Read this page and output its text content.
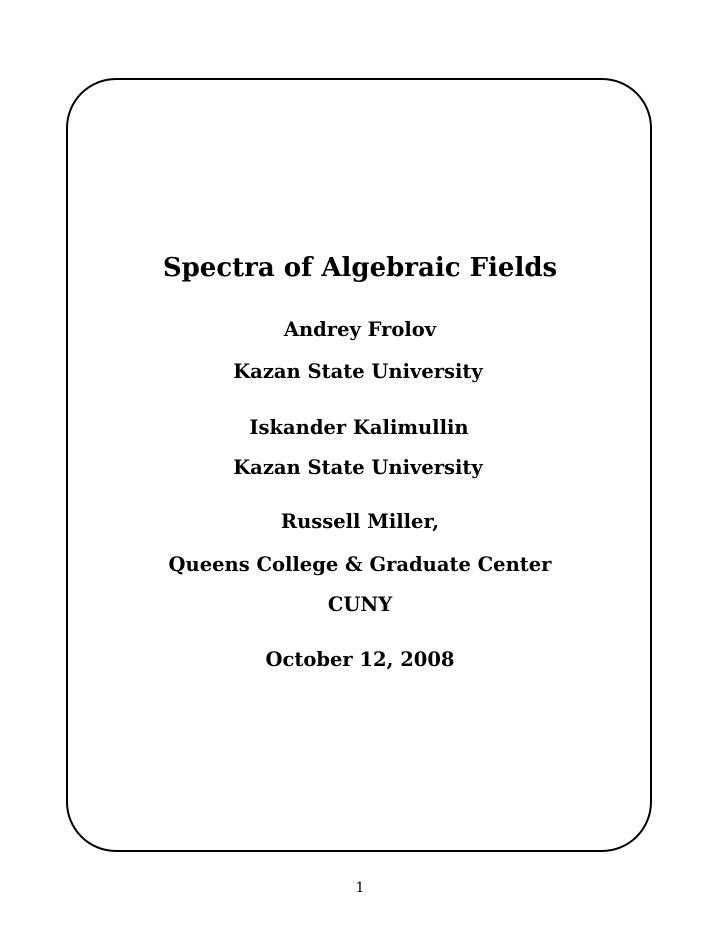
Spectra of Algebraic Fields
Andrey Frolov
Kazan State University
Iskander Kalimullin
Kazan State University
Russell Miller,
Queens College & Graduate Center
CUNY
October 12, 2008
1
